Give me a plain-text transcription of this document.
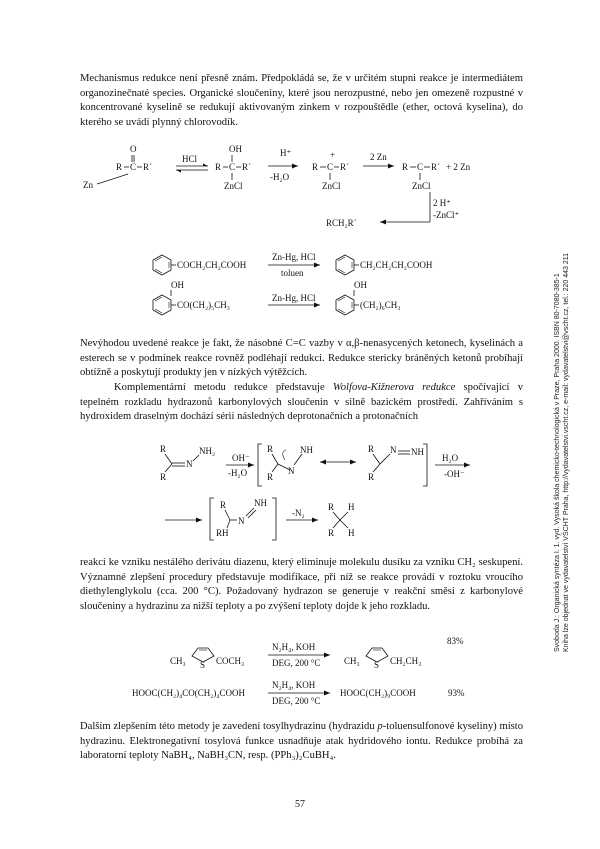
Mechanismus redukce není přesně znám. Předpokládá se, že v určitém stupni reakce je intermediátem organozinečnaté species. Organické sloučeniny, které jsou nerozpustné, nebo jen omezeně rozpustné v koncentrované kyselině se redukují aktivovaným zinkem v rozpouštědle (ether, octová kyselina), do kterého se uvádí plynný chlorovodík.

Svoboda J.: Organická syntéza I. 1. vyd. Vysoká škola chemicko-technologická v Praze, Praha 2000. ISBN 80-7080-385-1 Kniha lze objednat ve vydavatelství VŠCHT Praha, http://vydavatelstvi.vscht.cz, e-mail: vydavatelstvi@vscht.cz, tel.: 220 443 211
O
R C R´
Zn
HCl
OH
R C R´
ZnCl
H⁺
-H₂O
+
R C R´
ZnCl
2 Zn
R C R´
ZnCl
+ 2 Zn
2 H⁺
-ZnCl⁺
RCH₂R´
COCH₂CH₂COOH
Zn-Hg, HCl
toluen
CH₂CH₂CH₂COOH
OH
CO(CH₂)₅CH₃
Zn-Hg, HCl
OH
(CH₂)₆CH₃

Nevýhodou uvedené reakce je fakt, že násobné C=C vazby v α,β-nenasycených ketonech, kyselinách a esterech se v podmínek reakce rovněž podléhají redukci. Redukce stericky bráněných ketonů probíhají obtížně a poskytují produkty jen v nízkých výtěžcích.

Komplementární metodu redukce představuje Wolfova-Kižnerova redukce spočívající v tepelném rozkladu hydrazonů karbonylových sloučenin v silně bazickém prostředí. Zahříváním s hydroxidem draselným dochází sérií následných deprotonačních a protonačních

R
R
N
NH₂
OH⁻
-H₂O
R
R
N
NH	R
R
N NH
H₂O
-OH⁻
R
R H
N
NH
-N₂
R
R
H
H

reakcí ke vzniku nestálého derivátu diazenu, který eliminuje molekulu dusíku za vzniku CH₂ seskupení. Významné zlepšení procedury představuje modifikace, při níž se reakce provádí v roztoku vroucího diethylenglykolu (cca. 200 °C). Požadovaný hydrazon se generuje v reakční směsi z karbonylové sloučeniny a hydrazinu za nižší teploty a po zvýšení teploty dojde k jeho rozkladu.

CH₃ S COCH₃
N₂H₄, KOH
DEG, 200 °C	CH₃ S CH₂CH₃
83%
HOOC(CH₂)₄CO(CH₂)₄COOH
N₂H₄, KOH
DEG, 200 °C
HOOC(CH₂)₉COOH	93%

Dalším zlepšením této metody je zavedení tosylhydrazinu (hydrazidu p-toluensulfonové kyseliny) místo hydrazinu. Elektronegativní tosylová funkce usnadňuje atak hydridového iontu. Redukce probíhá za laboratorní teploty NaBH₄, NaBH₃CN, resp. (PPh₃)₂CuBH₄.

57
